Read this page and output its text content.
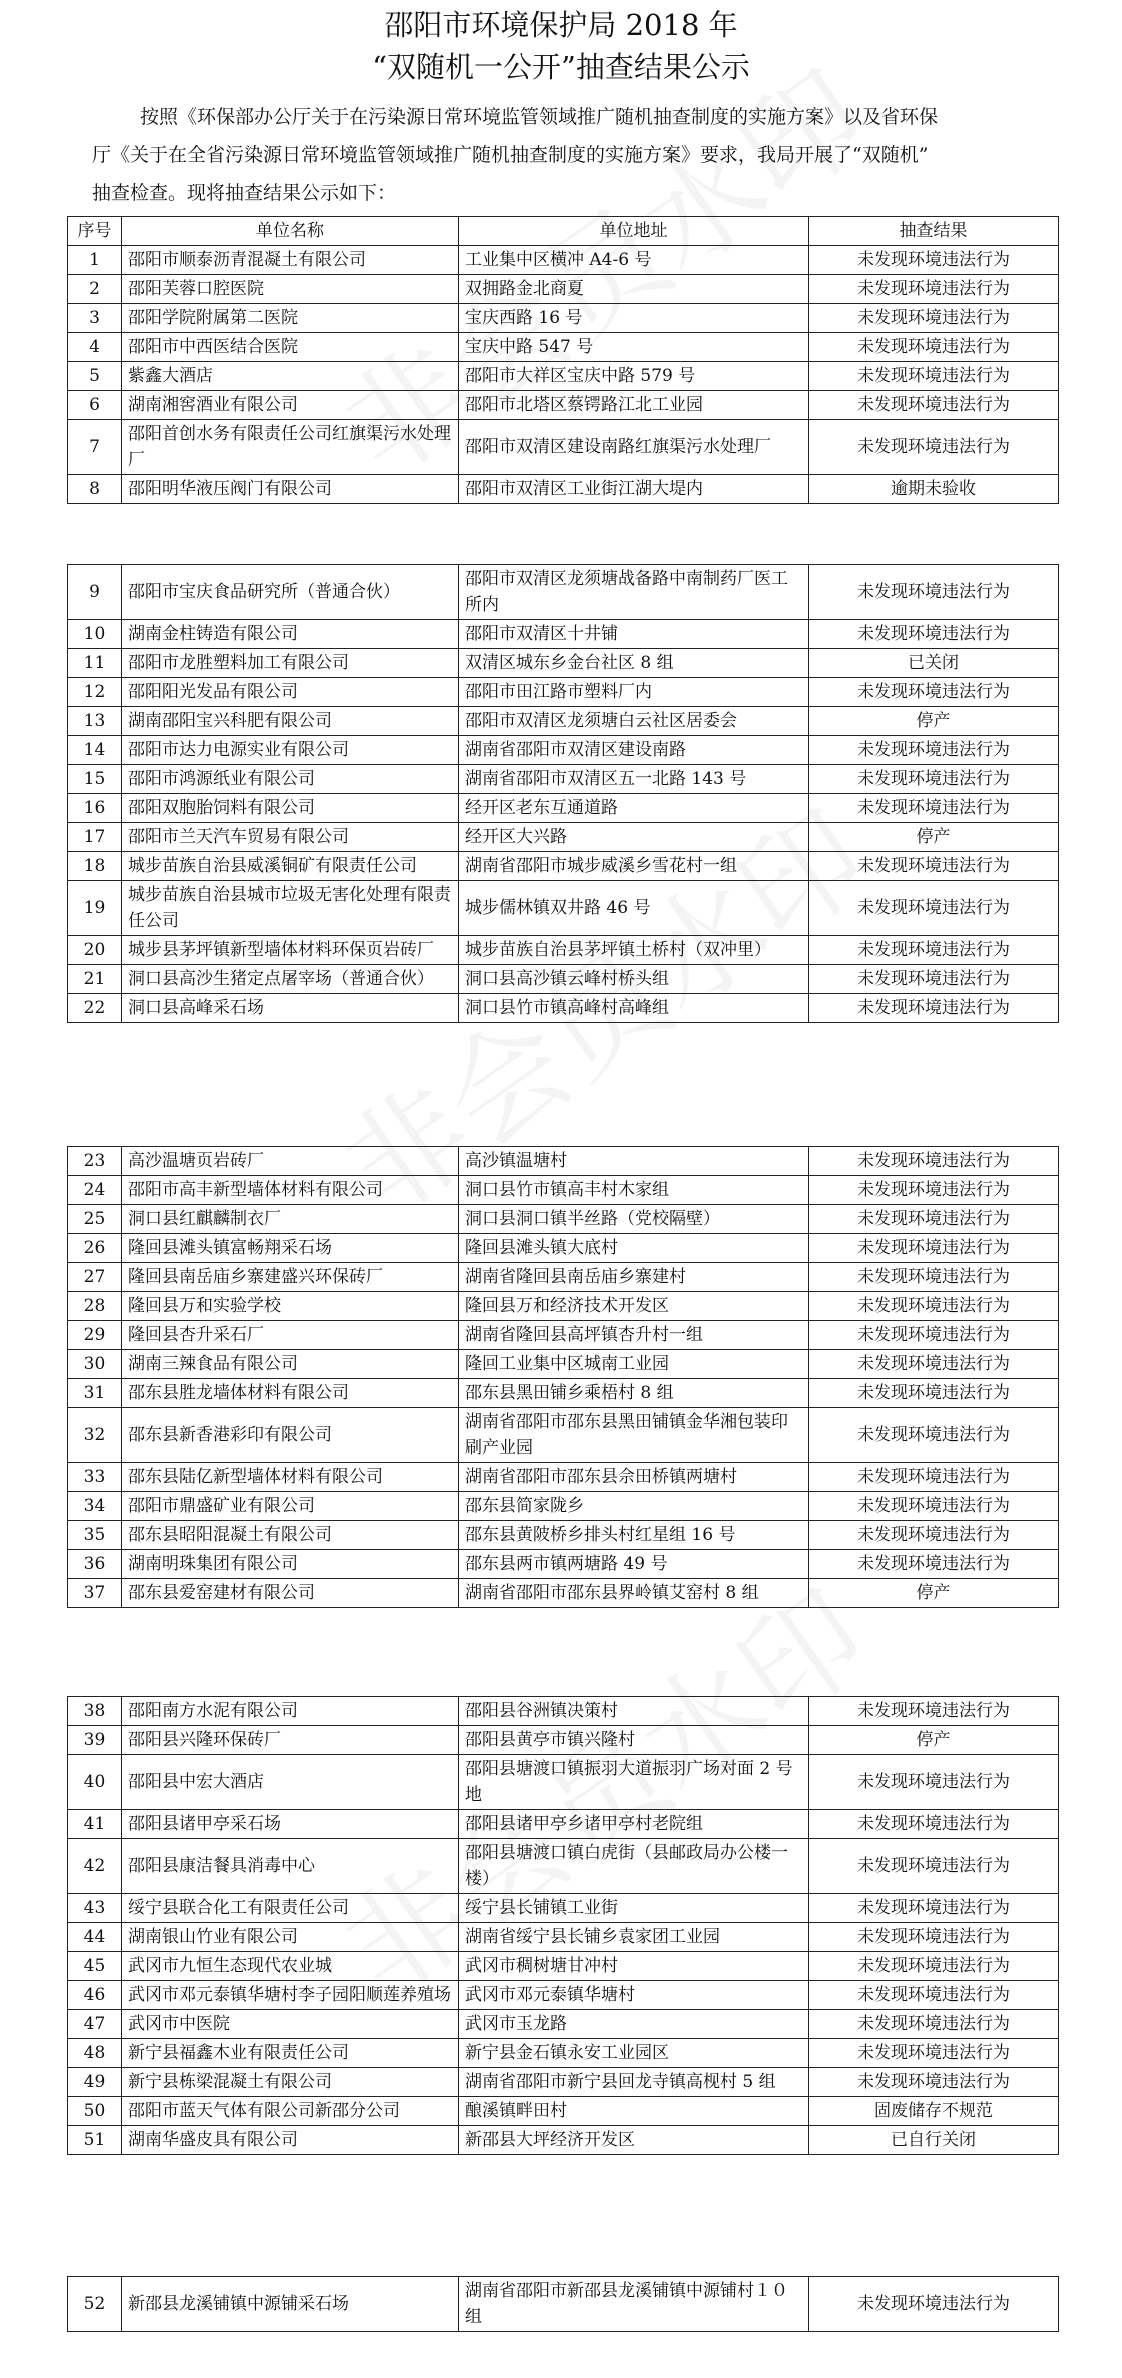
邵阳市环境保护局 2018 年
“双随机一公开”抽查结果公示
按照《环保部办公厅关于在污染源日常环境监管领域推广随机抽查制度的实施方案》以及省环保
厅《关于在全省污染源日常环境监管领域推广随机抽查制度的实施方案》要求，我局开展了“双随机”
抽查检查。现将抽查结果公示如下：
序号	单位名称	单位地址	抽查结果
1	邵阳市顺泰沥青混凝土有限公司	工业集中区横冲 A4-6 号	未发现环境违法行为
2	邵阳芙蓉口腔医院	双拥路金北商夏	未发现环境违法行为
3	邵阳学院附属第二医院	宝庆西路 16 号	未发现环境违法行为
4	邵阳市中西医结合医院	宝庆中路 547 号	未发现环境违法行为
5	紫鑫大酒店	邵阳市大祥区宝庆中路 579 号	未发现环境违法行为
6	湖南湘窖酒业有限公司	邵阳市北塔区蔡锷路江北工业园	未发现环境违法行为
7	邵阳首创水务有限责任公司红旗渠污水处理厂	邵阳市双清区建设南路红旗渠污水处理厂	未发现环境违法行为
8	邵阳明华液压阀门有限公司	邵阳市双清区工业街江湖大堤内	逾期未验收
9	邵阳市宝庆食品研究所（普通合伙）	邵阳市双清区龙须塘战备路中南制药厂医工所内	未发现环境违法行为
10	湖南金柱铸造有限公司	邵阳市双清区十井铺	未发现环境违法行为
11	邵阳市龙胜塑料加工有限公司	双清区城东乡金台社区 8 组	已关闭
12	邵阳阳光发品有限公司	邵阳市田江路市塑料厂内	未发现环境违法行为
13	湖南邵阳宝兴科肥有限公司	邵阳市双清区龙须塘白云社区居委会	停产
14	邵阳市达力电源实业有限公司	湖南省邵阳市双清区建设南路	未发现环境违法行为
15	邵阳市鸿源纸业有限公司	湖南省邵阳市双清区五一北路 143 号	未发现环境违法行为
16	邵阳双胞胎饲料有限公司	经开区老东互通道路	未发现环境违法行为
17	邵阳市兰天汽车贸易有限公司	经开区大兴路	停产
18	城步苗族自治县威溪铜矿有限责任公司	湖南省邵阳市城步威溪乡雪花村一组	未发现环境违法行为
19	城步苗族自治县城市垃圾无害化处理有限责任公司	城步儒林镇双井路 46 号	未发现环境违法行为
20	城步县茅坪镇新型墙体材料环保页岩砖厂	城步苗族自治县茅坪镇土桥村（双冲里）	未发现环境违法行为
21	洞口县高沙生猪定点屠宰场（普通合伙）	洞口县高沙镇云峰村桥头组	未发现环境违法行为
22	洞口县高峰采石场	洞口县竹市镇高峰村高峰组	未发现环境违法行为
23	高沙温塘页岩砖厂	高沙镇温塘村	未发现环境违法行为
24	邵阳市高丰新型墙体材料有限公司	洞口县竹市镇高丰村木家组	未发现环境违法行为
25	洞口县红麒麟制衣厂	洞口县洞口镇半丝路（党校隔壁）	未发现环境违法行为
26	隆回县滩头镇富畅翔采石场	隆回县滩头镇大底村	未发现环境违法行为
27	隆回县南岳庙乡寨建盛兴环保砖厂	湖南省隆回县南岳庙乡寨建村	未发现环境违法行为
28	隆回县万和实验学校	隆回县万和经济技术开发区	未发现环境违法行为
29	隆回县杏升采石厂	湖南省隆回县高坪镇杏升村一组	未发现环境违法行为
30	湖南三辣食品有限公司	隆回工业集中区城南工业园	未发现环境违法行为
31	邵东县胜龙墙体材料有限公司	邵东县黑田铺乡乘梧村 8 组	未发现环境违法行为
32	邵东县新香港彩印有限公司	湖南省邵阳市邵东县黑田铺镇金华湘包装印刷产业园	未发现环境违法行为
33	邵东县陆亿新型墙体材料有限公司	湖南省邵阳市邵东县佘田桥镇两塘村	未发现环境违法行为
34	邵阳市鼎盛矿业有限公司	邵东县简家陇乡	未发现环境违法行为
35	邵东县昭阳混凝土有限公司	邵东县黄陂桥乡排头村红星组 16 号	未发现环境违法行为
36	湖南明珠集团有限公司	邵东县两市镇两塘路 49 号	未发现环境违法行为
37	邵东县爱窑建材有限公司	湖南省邵阳市邵东县界岭镇艾窑村 8 组	停产
38	邵阳南方水泥有限公司	邵阳县谷洲镇决策村	未发现环境违法行为
39	邵阳县兴隆环保砖厂	邵阳县黄亭市镇兴隆村	停产
40	邵阳县中宏大酒店	邵阳县塘渡口镇振羽大道振羽广场对面 2 号地	未发现环境违法行为
41	邵阳县诸甲亭采石场	邵阳县诸甲亭乡诸甲亭村老院组	未发现环境违法行为
42	邵阳县康洁餐具消毒中心	邵阳县塘渡口镇白虎街（县邮政局办公楼一楼）	未发现环境违法行为
43	绥宁县联合化工有限责任公司	绥宁县长铺镇工业街	未发现环境违法行为
44	湖南银山竹业有限公司	湖南省绥宁县长铺乡袁家团工业园	未发现环境违法行为
45	武冈市九恒生态现代农业城	武冈市稠树塘甘冲村	未发现环境违法行为
46	武冈市邓元泰镇华塘村李子园阳顺莲养殖场	武冈市邓元泰镇华塘村	未发现环境违法行为
47	武冈市中医院	武冈市玉龙路	未发现环境违法行为
48	新宁县福鑫木业有限责任公司	新宁县金石镇永安工业园区	未发现环境违法行为
49	新宁县栋梁混凝土有限公司	湖南省邵阳市新宁县回龙寺镇高枧村 5 组	未发现环境违法行为
50	邵阳市蓝天气体有限公司新邵分公司	酿溪镇畔田村	固废储存不规范
51	湖南华盛皮具有限公司	新邵县大坪经济开发区	已自行关闭
52	新邵县龙溪铺镇中源铺采石场	湖南省邵阳市新邵县龙溪铺镇中源铺村１０组	未发现环境违法行为
